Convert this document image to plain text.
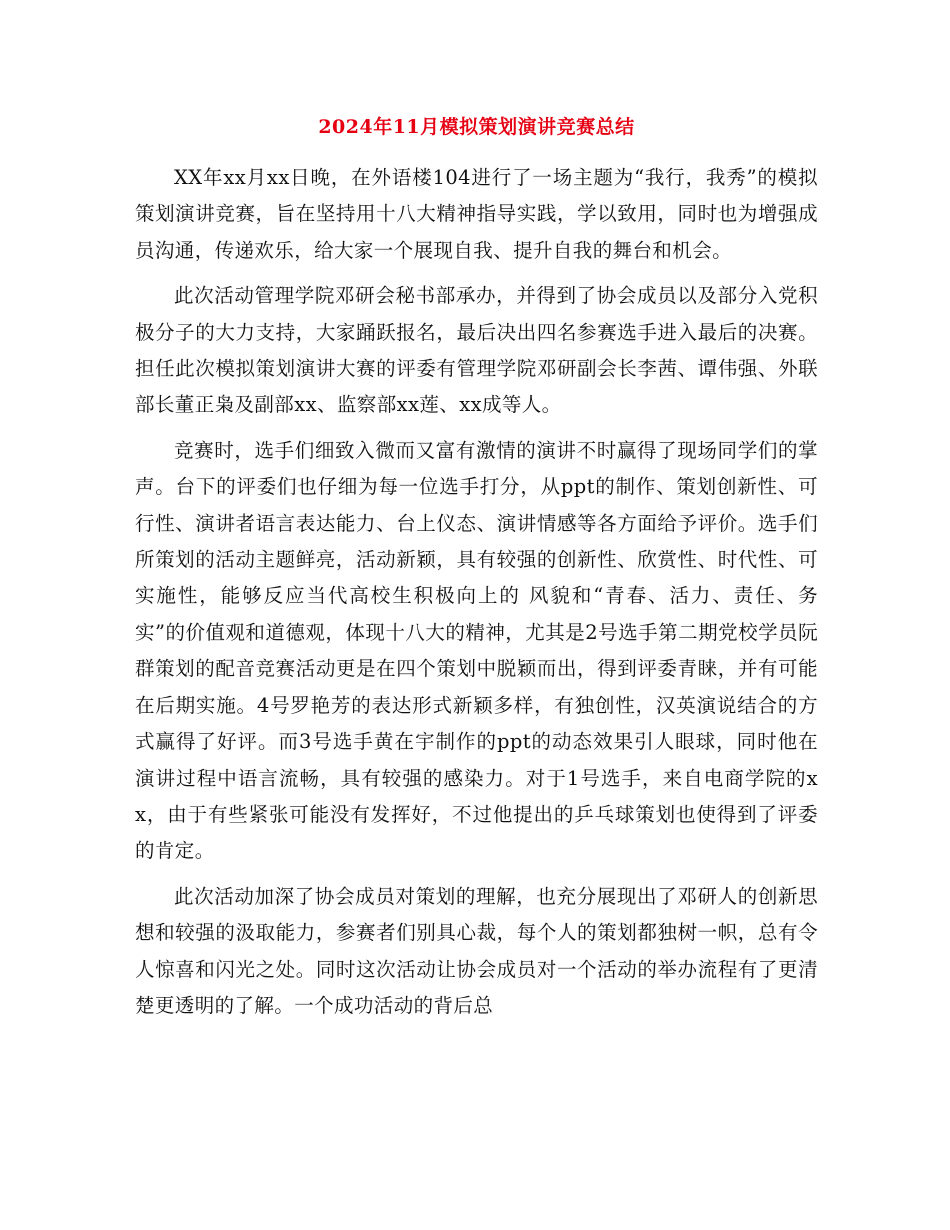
2024年11月模拟策划演讲竞赛总结

XX年xx月xx日晚，在外语楼104进行了一场主题为“我行，我秀”的模拟策划演讲竞赛，旨在坚持用十八大精神指导实践，学以致用，同时也为增强成员沟通，传递欢乐，给大家一个展现自我、提升自我的舞台和机会。

此次活动管理学院邓研会秘书部承办，并得到了协会成员以及部分入党积极分子的大力支持，大家踊跃报名，最后决出四名参赛选手进入最后的决赛。担任此次模拟策划演讲大赛的评委有管理学院邓研副会长李茜、谭伟强、外联部长董正枭及副部xx、监察部xx莲、xx成等人。

竞赛时，选手们细致入微而又富有激情的演讲不时赢得了现场同学们的掌声。台下的评委们也仔细为每一位选手打分，从ppt的制作、策划创新性、可行性、演讲者语言表达能力、台上仪态、演讲情感等各方面给予评价。选手们所策划的活动主题鲜亮，活动新颖，具有较强的创新性、欣赏性、时代性、可 实施性，能够反应当代高校生积极向上的 风貌和“青春、活力、责任、务实”的价值观和道德观，体现十八大的精神，尤其是2号选手第二期党校学员阮群策划的配音竞赛活动更是在四个策划中脱颖而出，得到评委青睐，并有可能在后期实施。4号罗艳芳的表达形式新颖多样，有独创性，汉英演说结合的方式赢得了好评。而3号选手黄在宇制作的ppt的动态效果引人眼球，同时他在演讲过程中语言流畅，具有较强的感染力。对于1号选手，来自电商学院的xx，由于有些紧张可能没有发挥好，不过他提出的乒乓球策划也使得到了评委的肯定。

此次活动加深了协会成员对策划的理解，也充分展现出了邓研人的创新思想和较强的汲取能力，参赛者们别具心裁，每个人的策划都独树一帜，总有令人惊喜和闪光之处。同时这次活动让协会成员对一个活动的举办流程有了更清楚更透明的了解。一个成功活动的背后总
